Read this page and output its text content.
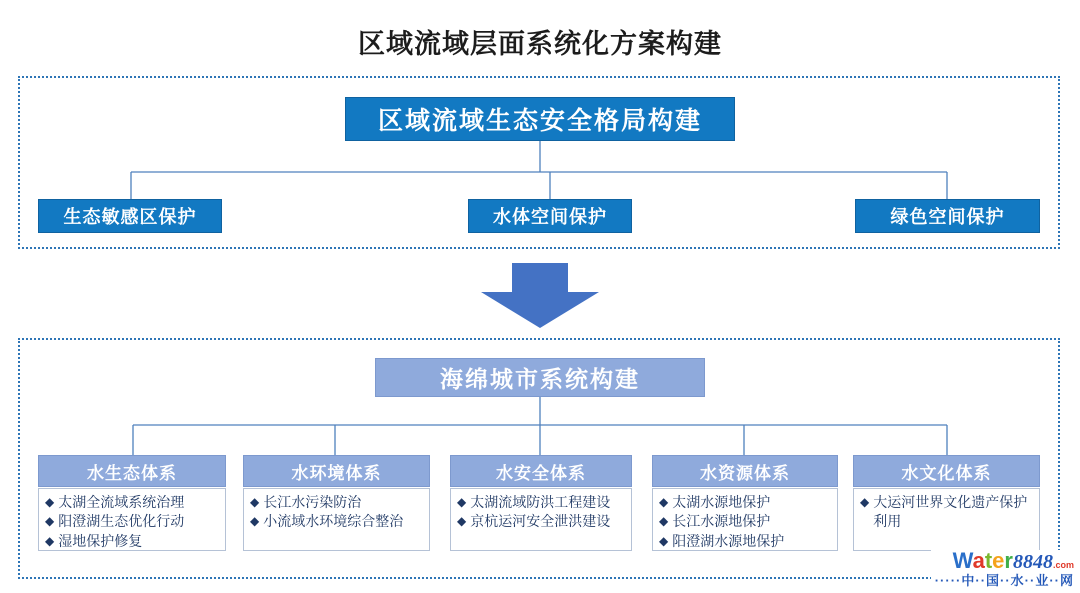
区域流域层面系统化方案构建
区域流域生态安全格局构建
生态敏感区保护	水体空间保护	绿色空间保护
海绵城市系统构建
水生态体系
◆ 太湖全流域系统治理
◆ 阳澄湖生态优化行动
◆ 湿地保护修复
水环境体系
◆ 长江水污染防治
◆ 小流域水环境综合整治
水安全体系
◆ 太湖流域防洪工程建设
◆ 京杭运河安全泄洪建设
水资源体系
◆ 太湖水源地保护
◆ 长江水源地保护
◆ 阳澄湖水源地保护
水文化体系
◆ 大运河世界文化遗产保护利用
Water8848.com
·····中··国··水··业··网
